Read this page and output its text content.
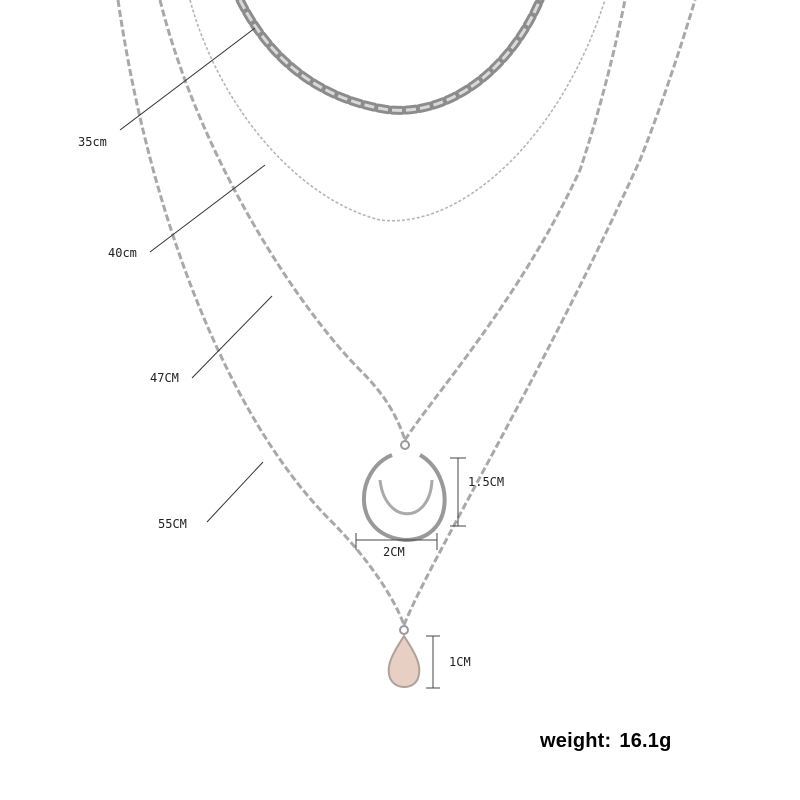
35cm
40cm
47CM
55CM
1.5CM
2CM
1CM
weight: 16.1g
